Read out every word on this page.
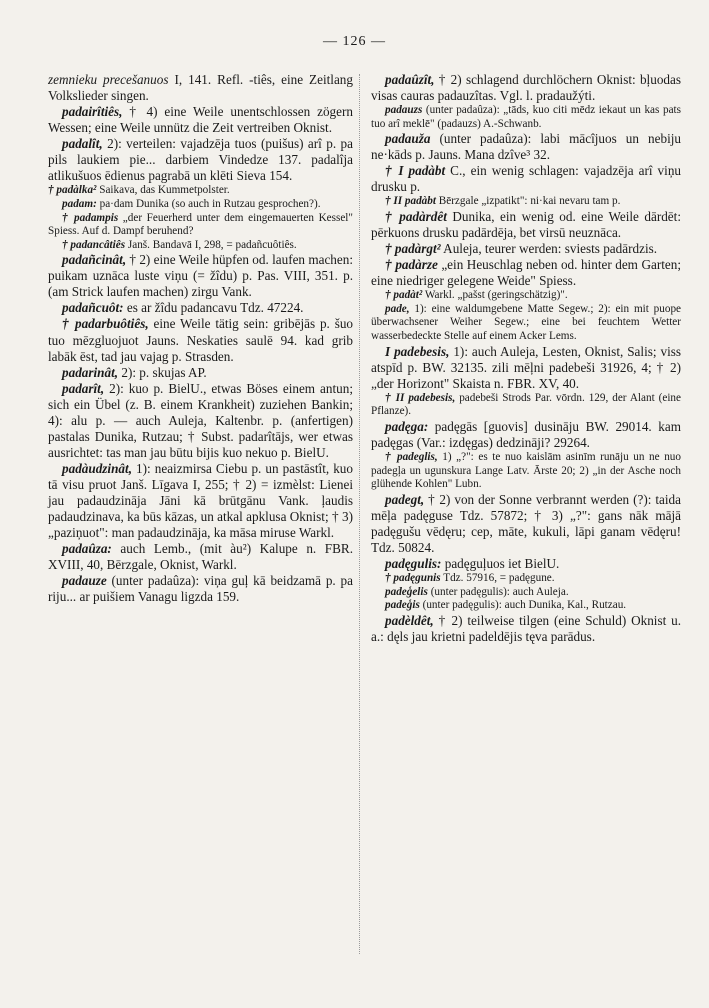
— 126 —

zemnieku precešanuos I, 141. Refl. -tiês, eine Zeitlang Volkslieder singen.

padairîtiês, † 4) eine Weile unentschlossen zögern Wessen; eine Weile unnütz die Zeit vertreiben Oknist.

padalît, 2): verteilen: vajadzēja tuos (puišus) arî p. pa pils laukiem pie... darbiem Vindedze 137. padalîja atlikušuos ēdienus pagrabā un klēti Sieva 154.

† padàlka² Saikava, das Kummetpolster.

padam: pa·dam Dunika (so auch in Rutzau gesprochen?).

† padampis „der Feuerherd unter dem eingemauerten Kessel" Spiess. Auf d. Dampf beruhend?

† padancâtiês Janš. Bandavā I, 298, = padañcuôtiês.

padañcinât, † 2) eine Weile hüpfen od. laufen machen: puikam uznāca luste viņu (= žîdu) p. Pas. VIII, 351. p. (am Strick laufen machen) zirgu Vank.

padañcuôt: es ar žîdu padancavu Tdz. 47224.

† padarbuôtiês, eine Weile tätig sein: gribējās p. šuo tuo mēzgluojuot Jauns. Neskaties saulē 94. kad grib labāk ēst, tad jau vajag p. Strasden.

padarinât, 2): p. skujas AP.

padarît, 2): kuo p. BielU., etwas Böses einem antun; sich ein Übel (z. B. einem Krankheit) zuziehen Bankin; 4): alu p. — auch Auleja, Kaltenbr. p. (anfertigen) pastalas Dunika, Rutzau; † Subst. padarîtājs, wer etwas ausrichtet: tas man jau būtu bijis kuo nekuo p. BielU.

padàudzinât, 1): neaizmirsa Ciebu p. un pastāstît, kuo tā visu pruot Janš. Līgava I, 255; † 2) = izmèlst: Lienei jau padaudzināja Jāni kā brūtgānu Vank. ļaudis padaudzinava, ka būs kāzas, un atkal apklusa Oknist; † 3) „paziņuot": man padaudzināja, ka māsa miruse Warkl.

padaûza: auch Lemb., (mit àu²) Kalupe n. FBR. XVIII, 40, Bērzgale, Oknist, Warkl.

padauze (unter padaûza): viņa guļ kā beidzamā p. pa riju... ar puišiem Vanagu ligzda 159.

padaûzît, † 2) schlagend durchlöchern Oknist: bļuodas visas cauras padauzîtas. Vgl. l. pradaužýti.

padauzs (unter padaûza): „tāds, kuo citi mēdz iekaut un kas pats tuo arî meklē" (padauzs) A.-Schwanb.

padauža (unter padaûza): labi mācîjuos un nebiju ne·kāds p. Jauns. Mana dzîve³ 32.

† I padàbt C., ein wenig schlagen: vajadzēja arî viņu drusku p.

† II padàbt Bērzgale „izpatikt": ni·kai nevaru tam p.

† padàrdêt Dunika, ein wenig od. eine Weile dārdēt: pērkuons drusku padārdēja, bet virsū neuznāca.

† padàrgt² Auleja, teurer werden: sviests padārdzis.

† padàrze „ein Heuschlag neben od. hinter dem Garten; eine niedriger gelegene Weide" Spiess.

† padàt² Warkl. „pašst (geringschätzig)".

pade, 1): eine waldumgebene Matte Segew.; 2): ein mit puope überwachsener Weiher Segew.; eine bei feuchtem Wetter wasserbedeckte Stelle auf einem Acker Lems.

I padebesis, 1): auch Auleja, Lesten, Oknist, Salis; viss atspīd p. BW. 32135. zili mēļni padebeši 31926, 4; † 2) „der Horizont" Skaista n. FBR. XV, 40.

† II padebesis, padebeši Strods Par. vōrdn. 129, der Alant (eine Pflanze).

padęga: padęgās [guovis] dusināju BW. 29014. kam padęgas (Var.: izdęgas) dedzināji? 29264.

† padeglis, 1) „?": es te nuo kaislām asinīm runāju un ne nuo padegļa un ugunskura Lange Latv. Ārste 20; 2) „in der Asche noch glühende Kohlen" Lubn.

padegt, † 2) von der Sonne verbrannt werden (?): taida mēļa padęguse Tdz. 57872; † 3) „?": gans nāk mājā padęgušu vēdęru; cep, māte, kukuli, lāpi ganam vēdęru! Tdz. 50824.

padęgulis: padęguļuos iet BielU.

† padęgunis Tdz. 57916, = padęgune.

padeģelis (unter padęgulis): auch Auleja.

padeģis (unter padęgulis): auch Dunika, Kal., Rutzau.

padèldêt, † 2) teilweise tilgen (eine Schuld) Oknist u. a.: dęls jau krietni padeldējis tęva parādus.
